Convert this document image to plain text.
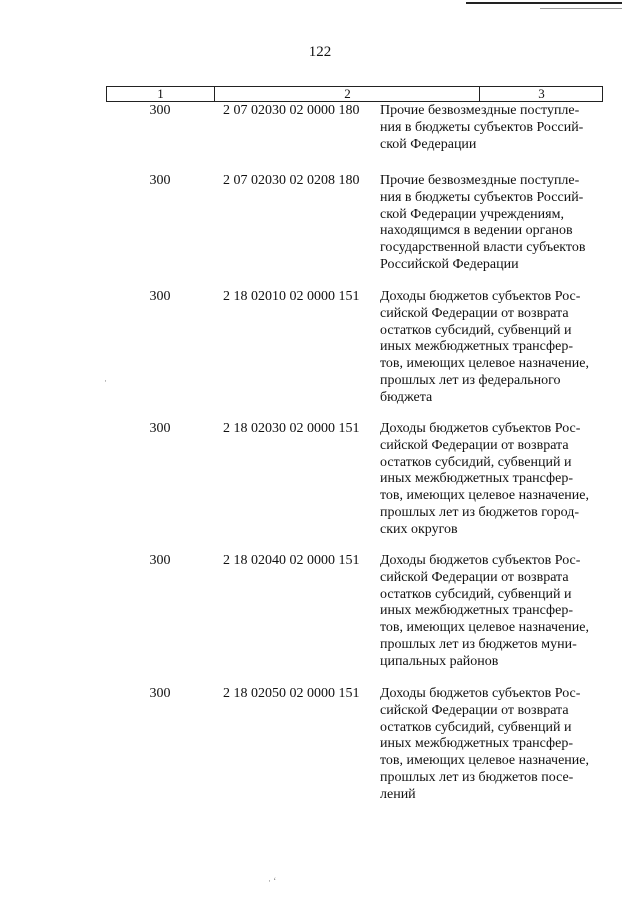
122
1	2	3
300	2 07 02030 02 0000 180	Прочие безвозмездные поступле-
ния в бюджеты субъектов Россий-
ской Федерации
300	2 07 02030 02 0208 180	Прочие безвозмездные поступле-
ния в бюджеты субъектов Россий-
ской Федерации учреждениям,
находящимся в ведении органов
государственной власти субъектов
Российской Федерации
300	2 18 02010 02 0000 151	Доходы бюджетов субъектов Рос-
сийской Федерации от возврата
остатков субсидий, субвенций и
иных межбюджетных трансфер-
тов, имеющих целевое назначение,
прошлых лет из федерального
бюджета
300	2 18 02030 02 0000 151	Доходы бюджетов субъектов Рос-
сийской Федерации от возврата
остатков субсидий, субвенций и
иных межбюджетных трансфер-
тов, имеющих целевое назначение,
прошлых лет из бюджетов город-
ских округов
300	2 18 02040 02 0000 151	Доходы бюджетов субъектов Рос-
сийской Федерации от возврата
остатков субсидий, субвенций и
иных межбюджетных трансфер-
тов, имеющих целевое назначение,
прошлых лет из бюджетов муни-
ципальных районов
300	2 18 02050 02 0000 151	Доходы бюджетов субъектов Рос-
сийской Федерации от возврата
остатков субсидий, субвенций и
иных межбюджетных трансфер-
тов, имеющих целевое назначение,
прошлых лет из бюджетов посе-
лений
·
· ‘
